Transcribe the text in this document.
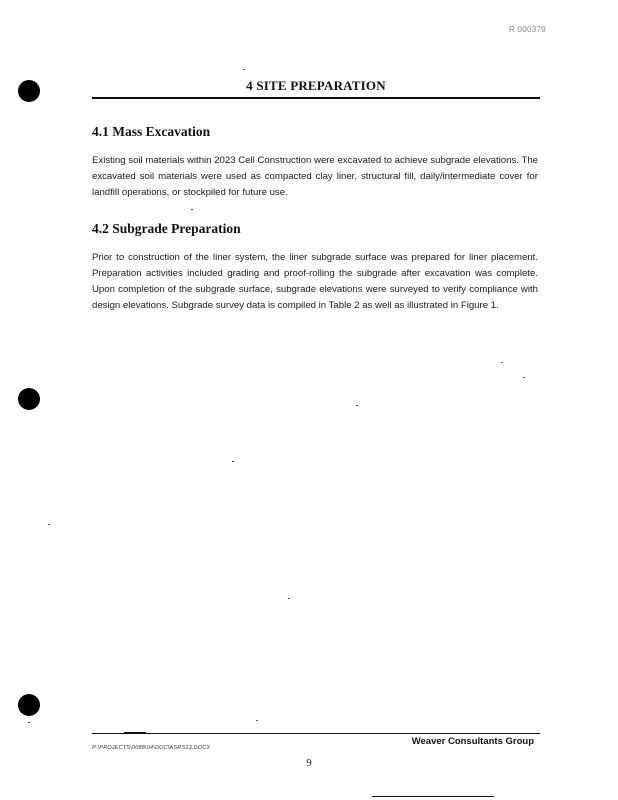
R 000379
4 SITE PREPARATION
4.1 Mass Excavation
Existing soil materials within 2023 Cell Construction were excavated to achieve subgrade elevations. The excavated soil materials were used as compacted clay liner, structural fill, daily/intermediate cover for landfill operations, or stockpiled for future use.
4.2 Subgrade Preparation
Prior to construction of the liner system, the liner subgrade surface was prepared for liner placement. Preparation activities included grading and proof-rolling the subgrade after excavation was complete. Upon completion of the subgrade surface, subgrade elevations were surveyed to verify compliance with design elevations. Subgrade survey data is compiled in Table 2 as well as illustrated in Figure 1.
Weaver Consultants Group
P:\PROJECTS\0088\04\DOC\ASRS13.DOCX
9
